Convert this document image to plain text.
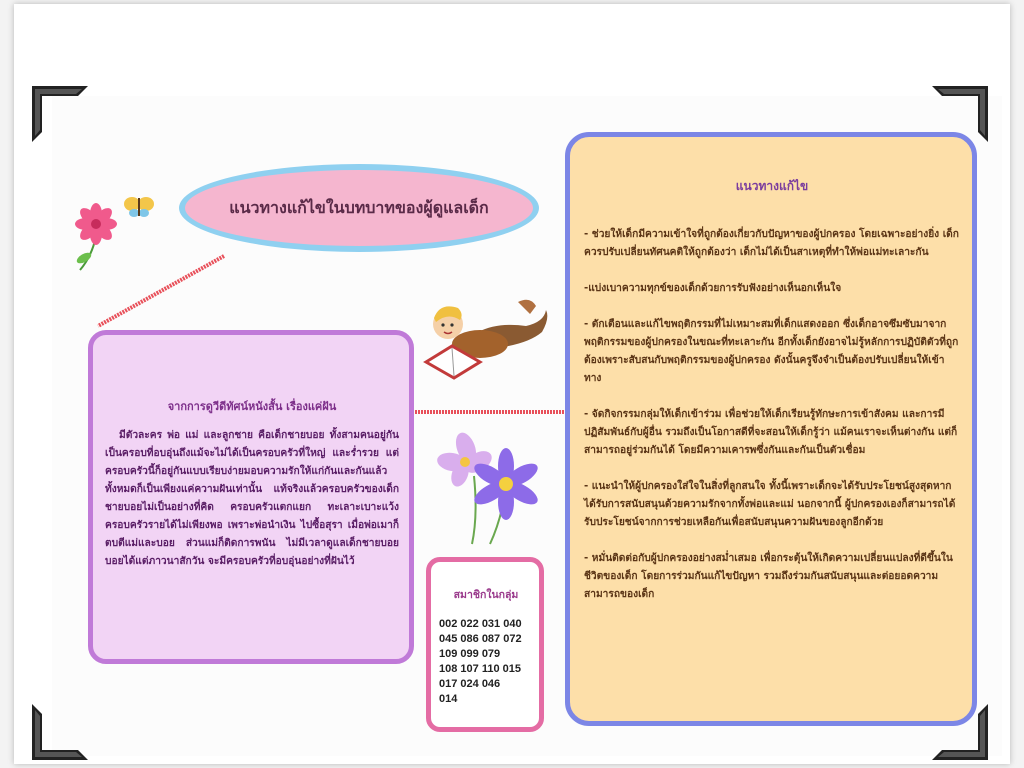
แนวทางแก้ไขในบทบาทของผู้ดูแลเด็ก
จากการดูวีดีทัศน์หนังสั้น เรื่องแค่ฝัน
มีตัวละคร พ่อ แม่ และลูกชาย คือเด็กชายบอย ทั้งสามคนอยู่กันเป็นครอบที่อบอุ่นถึงแม้จะไม่ได้เป็นครอบครัวที่ใหญ่ และร่ำรวย แต่ครอบครัวนี้ก็อยู่กันแบบเรียบง่ายมอบความรักให้แก่กันและกันแล้วทั้งหมดก็เป็นเพียงแค่ความฝันเท่านั้น แท้จริงแล้วครอบครัวของเด็กชายบอยไม่เป็นอย่างที่คิด ครอบครัวแตกแยก ทะเลาะเบาะแว้งครอบครัวรายได้ไม่เพียงพอ เพราะพ่อนำเงิน ไปซื้อสุรา เมื่อพ่อเมาก็ตบตีแม่และบอย ส่วนแม่ก็ติดการพนัน ไม่มีเวลาดูแลเด็กชายบอย บอยได้แต่ภาวนาสักวัน จะมีครอบครัวที่อบอุ่นอย่างที่ฝันไว้
สมาชิกในกลุ่ม
002 022 031 040
045 086 087 072
109 099 079
108 107 110 015
017 024 046
014
แนวทางแก้ไข
- ช่วยให้เด็กมีความเข้าใจที่ถูกต้องเกี่ยวกับปัญหาของผู้ปกครอง โดยเฉพาะอย่างยิ่ง เด็กควรปรับเปลี่ยนทัศนคติให้ถูกต้องว่า เด็กไม่ได้เป็นสาเหตุที่ทำให้พ่อแม่ทะเลาะกัน
-แบ่งเบาความทุกข์ของเด็กด้วยการรับฟังอย่างเห็นอกเห็นใจ
- ตักเตือนและแก้ไขพฤติกรรมที่ไม่เหมาะสมที่เด็กแสดงออก ซึ่งเด็กอาจซึมซับมาจากพฤติกรรมของผู้ปกครองในขณะที่ทะเลาะกัน อีกทั้งเด็กยังอาจไม่รู้หลักการปฏิบัติตัวที่ถูกต้องเพราะสับสนกับพฤติกรรมของผู้ปกครอง ดังนั้นครูจึงจำเป็นต้องปรับเปลี่ยนให้เข้าทาง
- จัดกิจกรรมกลุ่มให้เด็กเข้าร่วม เพื่อช่วยให้เด็กเรียนรู้ทักษะการเข้าสังคม และการมีปฏิสัมพันธ์กับผู้อื่น รวมถึงเป็นโอกาสดีที่จะสอนให้เด็กรู้ว่า แม้คนเราจะเห็นต่างกัน แต่ก็สามารถอยู่ร่วมกันได้ โดยมีความเคารพซึ่งกันและกันเป็นตัวเชื่อม
- แนะนำให้ผู้ปกครองใส่ใจในสิ่งที่ลูกสนใจ ทั้งนี้เพราะเด็กจะได้รับประโยชน์สูงสุดหากได้รับการสนับสนุนด้วยความรักจากทั้งพ่อและแม่ นอกจากนี้ ผู้ปกครองเองก็สามารถได้รับประโยชน์จากการช่วยเหลือกันเพื่อสนับสนุนความฝันของลูกอีกด้วย
- หมั่นติดต่อกับผู้ปกครองอย่างสม่ำเสมอ เพื่อกระตุ้นให้เกิดความเปลี่ยนแปลงที่ดีขึ้นในชีวิตของเด็ก โดยการร่วมกันแก้ไขปัญหา รวมถึงร่วมกันสนับสนุนและต่อยอดความสามารถของเด็ก
